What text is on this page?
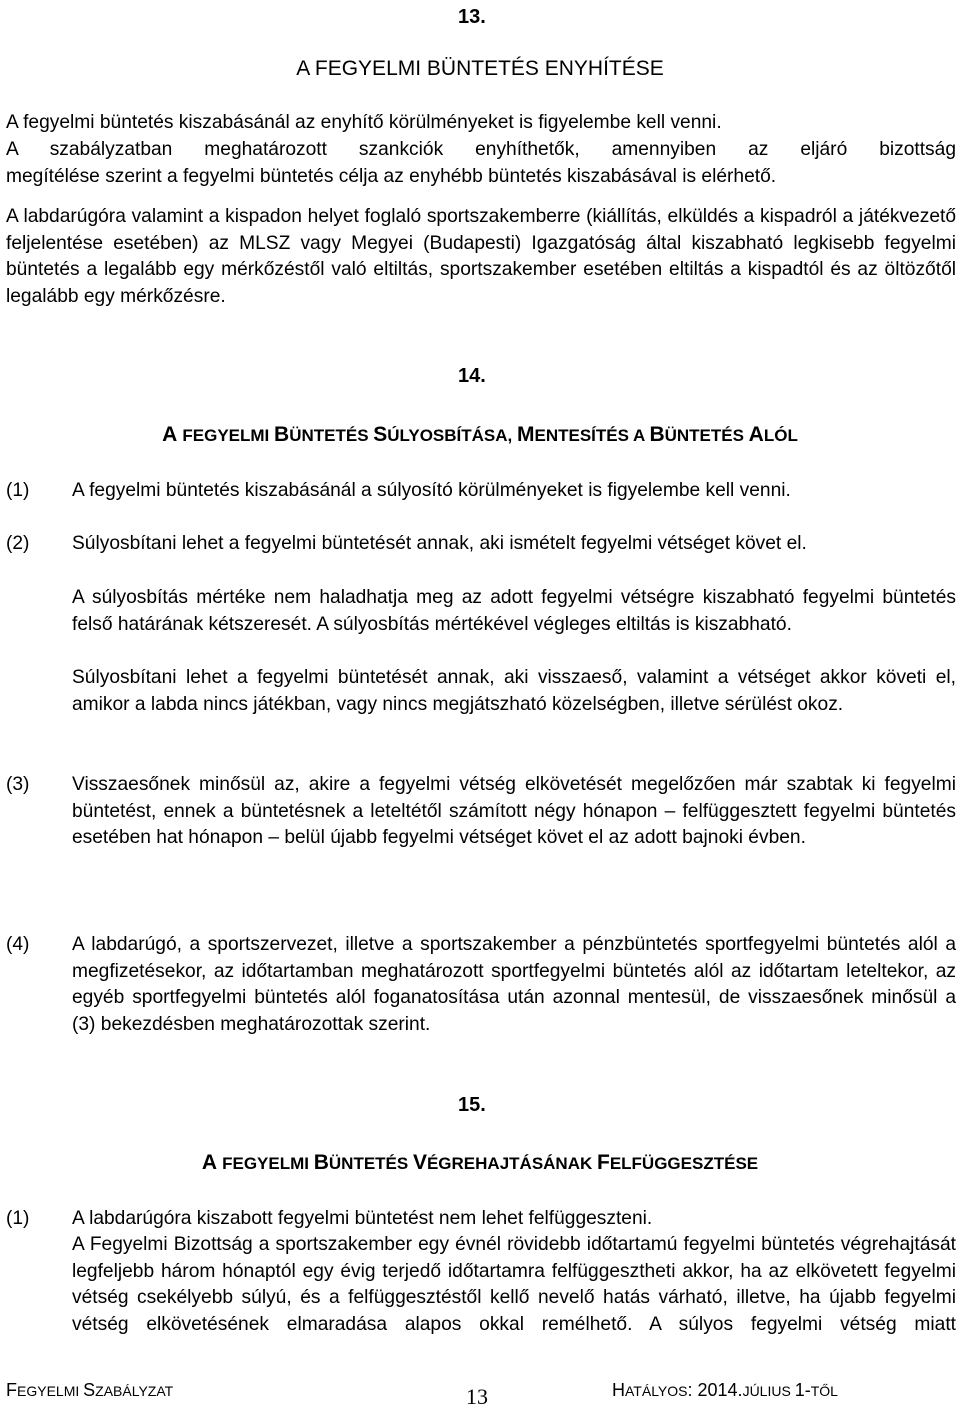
13.
A FEGYELMI BÜNTETÉS ENYHÍTÉSE
A fegyelmi büntetés kiszabásánál az enyhítő körülményeket is figyelembe kell venni.
A szabályzatban meghatározott szankciók enyhíthetők, amennyiben az eljáró bizottság
megítélése szerint a fegyelmi büntetés célja az enyhébb büntetés kiszabásával is elérhető.
A labdarúgóra valamint a kispadon helyet foglaló sportszakemberre (kiállítás, elküldés a kispadról a játékvezető feljelentése esetében) az MLSZ vagy Megyei (Budapesti) Igazgatóság által kiszabható legkisebb fegyelmi büntetés a legalább egy mérkőzéstől való eltiltás, sportszakember esetében eltiltás a kispadtól és az öltözőtől legalább egy mérkőzésre.
14.
A FEGYELMI BÜNTETÉS SÚLYOSBÍTÁSA, MENTESÍTÉS A BÜNTETÉS ALÓL
(1) A fegyelmi büntetés kiszabásánál a súlyosító körülményeket is figyelembe kell venni.
(2) Súlyosbítani lehet a fegyelmi büntetését annak, aki ismételt fegyelmi vétséget követ el.
A súlyosbítás mértéke nem haladhatja meg az adott fegyelmi vétségre kiszabható fegyelmi büntetés felső határának kétszeresét. A súlyosbítás mértékével végleges eltiltás is kiszabható.
Súlyosbítani lehet a fegyelmi büntetését annak, aki visszaeső, valamint a vétséget akkor követi el, amikor a labda nincs játékban, vagy nincs megjátszható közelségben, illetve sérülést okoz.
(3) Visszaesőnek minősül az, akire a fegyelmi vétség elkövetését megelőzően már szabtak ki fegyelmi büntetést, ennek a büntetésnek a leteltétől számított négy hónapon – felfüggesztett fegyelmi büntetés esetében hat hónapon – belül újabb fegyelmi vétséget követ el az adott bajnoki évben.
(4) A labdarúgó, a sportszervezet, illetve a sportszakember a pénzbüntetés sportfegyelmi büntetés alól a megfizetésekor, az időtartamban meghatározott sportfegyelmi büntetés alól az időtartam leteltekor, az egyéb sportfegyelmi büntetés alól foganatosítása után azonnal mentesül, de visszaesőnek minősül a (3) bekezdésben meghatározottak szerint.
15.
A FEGYELMI BÜNTETÉS VÉGREHAJTÁSÁNAK FELFÜGGESZTÉSE
(1) A labdarúgóra kiszabott fegyelmi büntetést nem lehet felfüggeszteni.
A Fegyelmi Bizottság a sportszakember egy évnél rövidebb időtartamú fegyelmi büntetés végrehajtását legfeljebb három hónaptól egy évig terjedő időtartamra felfüggesztheti akkor, ha az elkövetett fegyelmi vétség csekélyebb súlyú, és a felfüggesztéstől kellő nevelő hatás várható, illetve, ha újabb fegyelmi vétség elkövetésének elmaradása alapos okkal remélhető. A súlyos fegyelmi vétség miatt
FEGYELMI SZABÁLYZAT	13	HATÁLYOS: 2014.JÚLIUS 1-TŐL
